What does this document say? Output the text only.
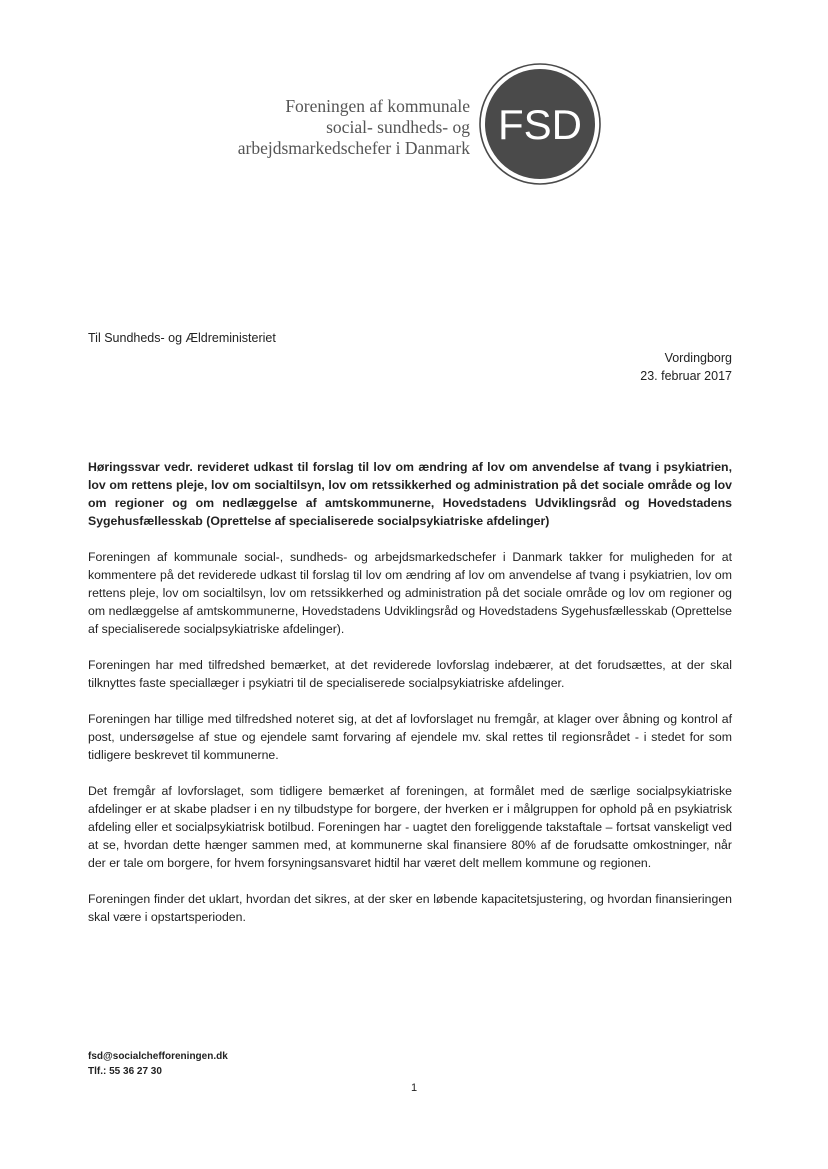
Foreningen af kommunale
social- sundheds- og
arbejdsmarkedschefer i Danmark FSD
Til Sundheds- og Ældreministeriet
Vordingborg
23. februar 2017

Høringssvar vedr. revideret udkast til forslag til lov om ændring af lov om anvendelse af tvang i psykiatrien, lov om rettens pleje, lov om socialtilsyn, lov om retssikkerhed og administration på det sociale område og lov om regioner og om nedlæggelse af amtskommunerne, Hovedstadens Udviklingsråd og Hovedstadens Sygehusfællesskab (Oprettelse af specialiserede socialpsykiatriske afdelinger)

Foreningen af kommunale social-, sundheds- og arbejdsmarkedschefer i Danmark takker for muligheden for at kommentere på det reviderede udkast til forslag til lov om ændring af lov om anvendelse af tvang i psykiatrien, lov om rettens pleje, lov om socialtilsyn, lov om retssikkerhed og administration på det sociale område og lov om regioner og om nedlæggelse af amtskommunerne, Hovedstadens Udviklingsråd og Hovedstadens Sygehusfællesskab (Oprettelse af specialiserede socialpsykiatriske afdelinger).

Foreningen har med tilfredshed bemærket, at det reviderede lovforslag indebærer, at det forudsættes, at der skal tilknyttes faste speciallæger i psykiatri til de specialiserede socialpsykiatriske afdelinger.

Foreningen har tillige med tilfredshed noteret sig, at det af lovforslaget nu fremgår, at klager over åbning og kontrol af post, undersøgelse af stue og ejendele samt forvaring af ejendele mv. skal rettes til regionsrådet - i stedet for som tidligere beskrevet til kommunerne.

Det fremgår af lovforslaget, som tidligere bemærket af foreningen, at formålet med de særlige socialpsykiatriske afdelinger er at skabe pladser i en ny tilbudstype for borgere, der hverken er i målgruppen for ophold på en psykiatrisk afdeling eller et socialpsykiatrisk botilbud. Foreningen har - uagtet den foreliggende takstaftale – fortsat vanskeligt ved at se, hvordan dette hænger sammen med, at kommunerne skal finansiere 80% af de forudsatte omkostninger, når der er tale om borgere, for hvem forsyningsansvaret hidtil har været delt mellem kommune og regionen.

Foreningen finder det uklart, hvordan det sikres, at der sker en løbende kapacitetsjustering, og hvordan finansieringen skal være i opstartsperioden.

fsd@socialchefforeningen.dk
Tlf.: 55 36 27 30
1
